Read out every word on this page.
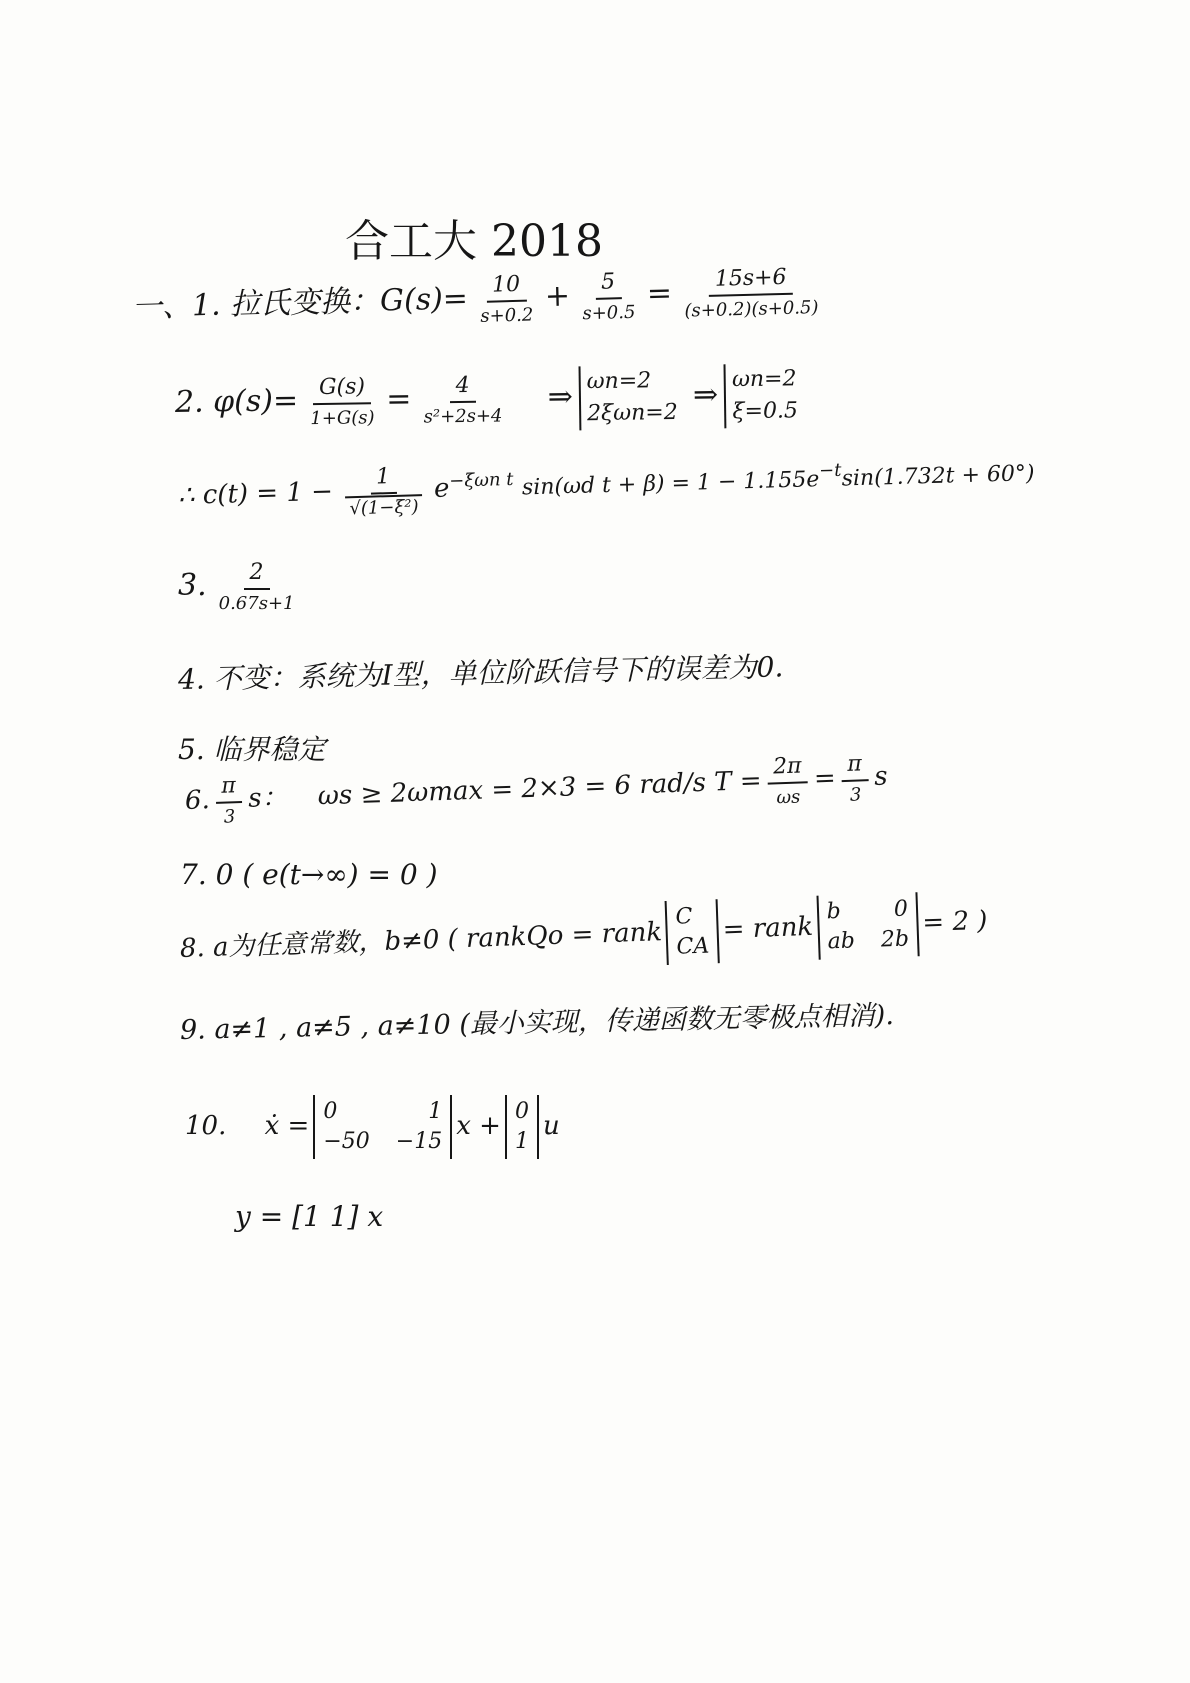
合工大 2018
一、1. 拉氏变换：$G(s)= \frac{10}{s+0.2} + \frac{5}{s+0.5} = \frac{15s+6}{(s+0.2)(s+0.5)}$
2. $\varphi(s)= \frac{G(s)}{1+G(s)} = \frac{4}{\text{s²+2s+4}}$ ⇒ ωn=2
2ξωn=2
⇒ ωn=2
ξ=0.5
∴ $c(t) = 1 - \frac{1}{\text{√(1−ξ²)}} e^{-\xi\omega n t}$ sin(ωd $t + \beta) = 1 - 1.155e^{-t}\sin(1.732t + 60^\circ)$
3. $\frac{2}{0.67s+1}$
4. 不变：系统为I型，单位阶跃信号下的误差为0.
5. 临界稳定
6. $\frac{\pi}{3}$ s： ωs ≥ 2ωmax = 2×3 = 6 rad/s $T = \frac{2\pi}{\omega s} = \frac{\pi}{3}$ s
7. 0 ( e(t→∞) = 0 )
8. a为任意常数，b≠0 ( rankQo = rank
C
CA
= rank
b 0
ab 2b
= 2 )
9. a≠1 , a≠5 , a≠10 (最小实现，传递函数无零极点相消).
10. ẋ = 0	1
−50 −15
x + 0
1
u
y = [1 1] x
